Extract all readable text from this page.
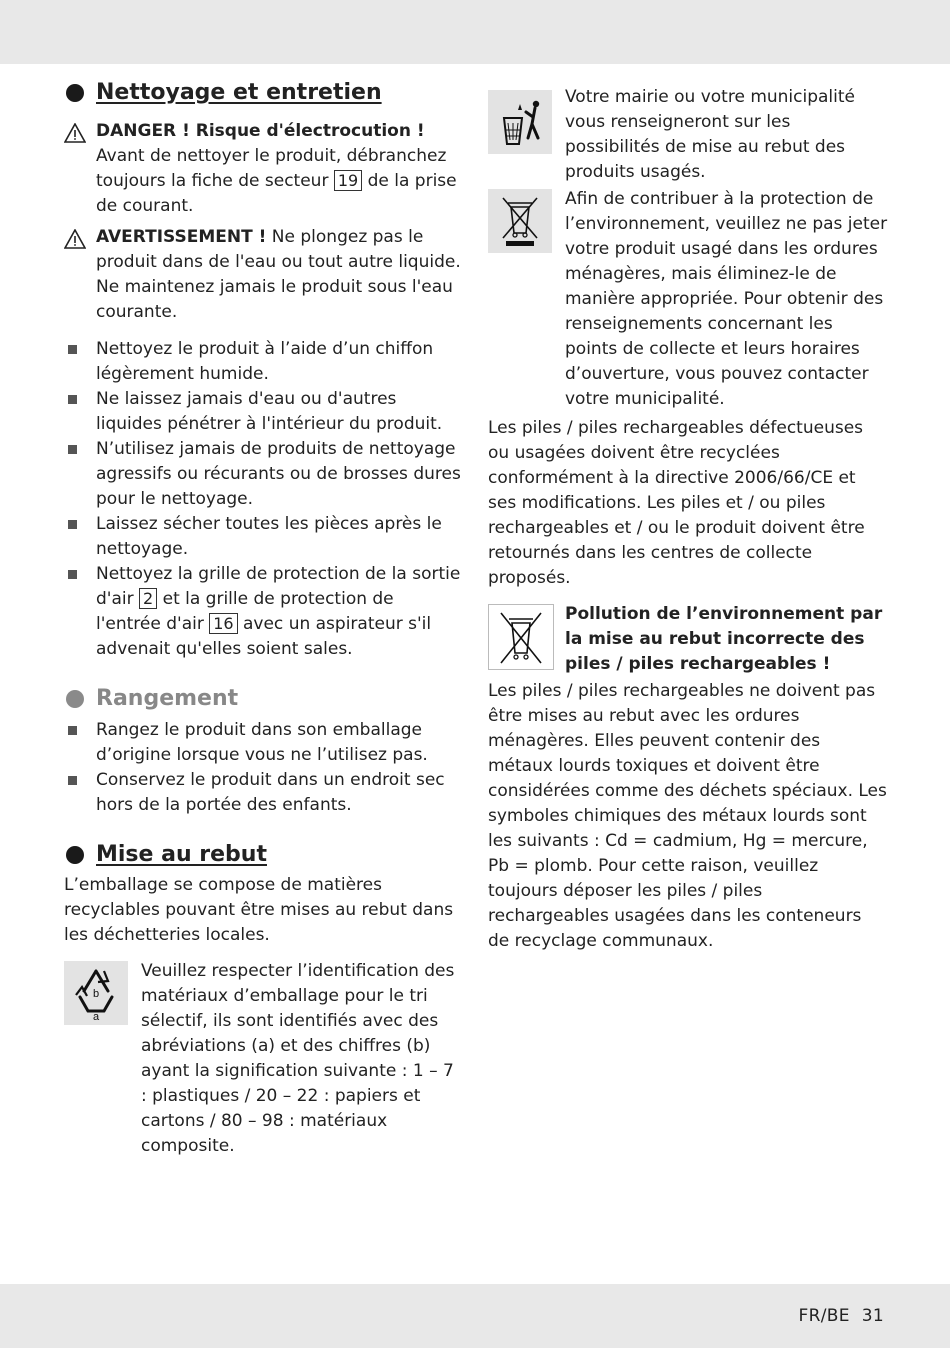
Nettoyage et entretien

DANGER ! Risque d'électrocution !

Avant de nettoyer le produit, débranchez toujours la fiche de secteur 19 de la prise de courant.

AVERTISSEMENT ! Ne plongez pas le produit dans de l'eau ou tout autre liquide. Ne maintenez jamais le produit sous l'eau courante.

Nettoyez le produit à l’aide d’un chiffon légèrement humide.
Ne laissez jamais d'eau ou d'autres liquides pénétrer à l'intérieur du produit.
N’utilisez jamais de produits de nettoyage agressifs ou récurants ou de brosses dures pour le nettoyage.
Laissez sécher toutes les pièces après le nettoyage.
Nettoyez la grille de protection de la sortie d'air 2 et la grille de protection de l'entrée d'air 16 avec un aspirateur s'il advenait qu'elles soient sales.
Rangement
Rangez le produit dans son emballage d’origine lorsque vous ne l’utilisez pas.
Conservez le produit dans un endroit sec hors de la portée des enfants.
Mise au rebut

L’emballage se compose de matières recyclables pouvant être mises au rebut dans les déchetteries locales.

b
a

Veuillez respecter l’identification des matériaux d’emballage pour le tri sélectif, ils sont identifiés avec des abréviations (a) et des chiffres (b) ayant la signification suivante : 1 – 7 : plastiques / 20 – 22 : papiers et cartons / 80 – 98 : matériaux composite.

Votre mairie ou votre municipalité vous renseigneront sur les possibilités de mise au rebut des produits usagés.

Afin de contribuer à la protection de l’environnement, veuillez ne pas jeter votre produit usagé dans les ordures ménagères, mais éliminez-le de manière appropriée. Pour obtenir des renseignements concernant les points de collecte et leurs horaires d’ouverture, vous pouvez contacter votre municipalité.

Les piles / piles rechargeables défectueuses ou usagées doivent être recyclées conformément à la directive 2006/66/CE et ses modifications. Les piles et / ou piles rechargeables et / ou le produit doivent être retournés dans les centres de collecte proposés.

Pollution de l’environnement par la mise au rebut incorrecte des piles / piles rechargeables !

Les piles / piles rechargeables ne doivent pas être mises au rebut avec les ordures ménagères. Elles peuvent contenir des métaux lourds toxiques et doivent être considérées comme des déchets spéciaux. Les symboles chimiques des métaux lourds sont les suivants : Cd = cadmium, Hg = mercure, Pb = plomb. Pour cette raison, veuillez toujours déposer les piles / piles rechargeables usagées dans les conteneurs de recyclage communaux.

FR/BE 31
